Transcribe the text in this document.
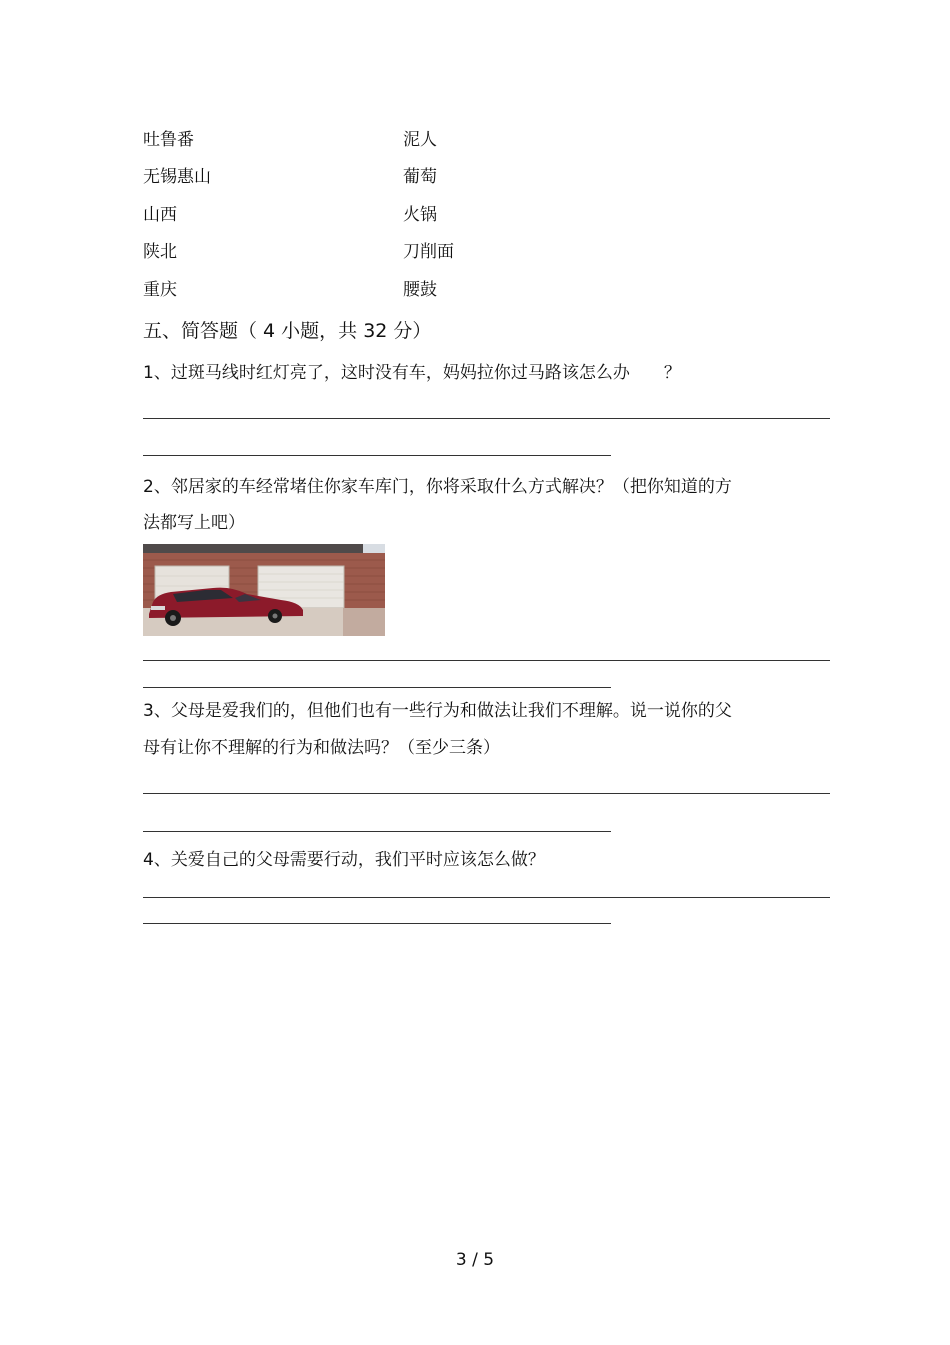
吐鲁番	泥人
无锡惠山	葡萄
山西	火锅
陕北	刀削面
重庆	腰鼓
五、简答题（ 4 小题，共 32 分）
1、过斑马线时红灯亮了，这时没有车，妈妈拉你过马路该怎么办　　？
2、邻居家的车经常堵住你家车库门，你将采取什么方式解决？（把你知道的方
法都写上吧）
3、父母是爱我们的，但他们也有一些行为和做法让我们不理解。说一说你的父
母有让你不理解的行为和做法吗？（至少三条）
4、关爱自己的父母需要行动，我们平时应该怎么做？
3 / 5
